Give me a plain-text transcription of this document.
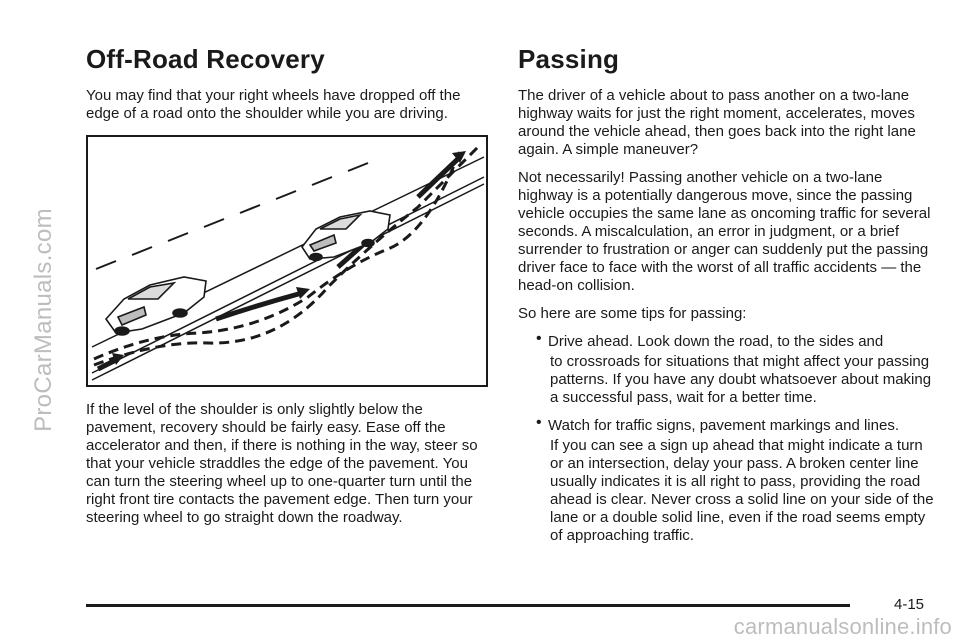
ProCarManuals.com
Off-Road Recovery

You may find that your right wheels have dropped off the edge of a road onto the shoulder while you are driving.

If the level of the shoulder is only slightly below the pavement, recovery should be fairly easy. Ease off the accelerator and then, if there is nothing in the way, steer so that your vehicle straddles the edge of the pavement. You can turn the steering wheel up to one-quarter turn until the right front tire contacts the pavement edge. Then turn your steering wheel to go straight down the roadway.

Passing

The driver of a vehicle about to pass another on a two-lane highway waits for just the right moment, accelerates, moves around the vehicle ahead, then goes back into the right lane again. A simple maneuver?

Not necessarily! Passing another vehicle on a two-lane highway is a potentially dangerous move, since the passing vehicle occupies the same lane as oncoming traffic for several seconds. A miscalculation, an error in judgment, or a brief surrender to frustration or anger can suddenly put the passing driver face to face with the worst of all traffic accidents — the head-on collision.

So here are some tips for passing:

• Drive ahead. Look down the road, to the sides and
to crossroads for situations that might affect your passing patterns. If you have any doubt whatsoever about making a successful pass, wait for a better time.
• Watch for traffic signs, pavement markings and lines.
If you can see a sign up ahead that might indicate a turn or an intersection, delay your pass. A broken center line usually indicates it is all right to pass, providing the road ahead is clear. Never cross a solid line on your side of the lane or a double solid line, even if the road seems empty of approaching traffic.
4-15
carmanualsonline.info
